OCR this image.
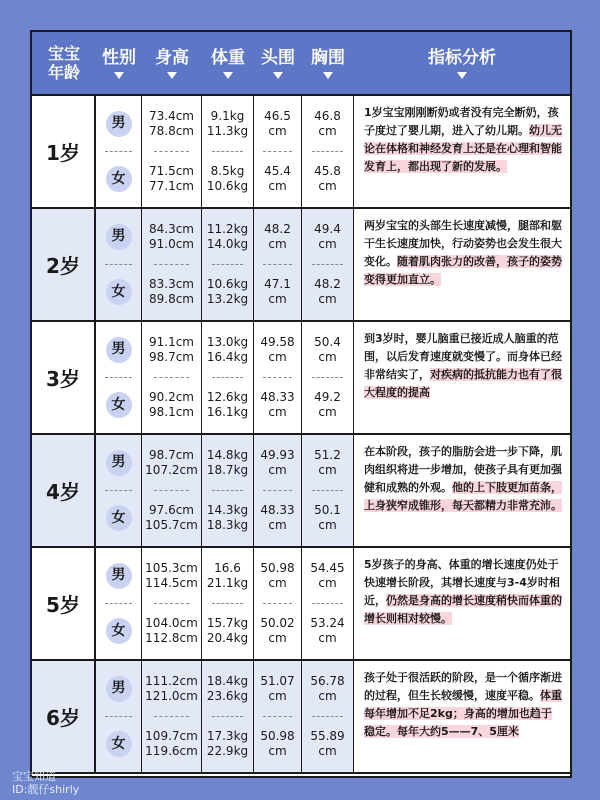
宝宝
年龄
性别 身高 体重 头围 胸围	指标分析
1岁
男
女
73.4cm
78.8cm
71.5cm
77.1cm
9.1kg
11.3kg
8.5kg
10.6kg
46.5
cm
45.4
cm
46.8
cm
45.8
cm
1岁宝宝刚刚断奶或者没有完全断奶，孩子度过了婴儿期，进入了幼儿期。幼儿无论在体格和神经发育上还是在心理和智能发育上，都出现了新的发展。
2岁
男
女
84.3cm
91.0cm
83.3cm
89.8cm
11.2kg
14.0kg
10.6kg
13.2kg
48.2
cm
47.1
cm
49.4
cm
48.2
cm
两岁宝宝的头部生长速度减慢，腿部和躯干生长速度加快，行动姿势也会发生很大变化。随着肌肉张力的改善，孩子的姿势变得更加直立。
3岁
男
女
91.1cm
98.7cm
90.2cm
98.1cm
13.0kg
16.4kg
12.6kg
16.1kg
49.58
cm
48.33
cm
50.4
cm
49.2
cm
到3岁时，婴儿脑重已接近成人脑重的范围，以后发育速度就变慢了。而身体已经非常结实了，对疾病的抵抗能力也有了很大程度的提高
4岁
男
女
98.7cm
107.2cm
97.6cm
105.7cm
14.8kg
18.7kg
14.3kg
18.3kg
49.93
cm
48.33
cm
51.2
cm
50.1
cm
在本阶段，孩子的脂肪会进一步下降，肌肉组织将进一步增加，使孩子具有更加强健和成熟的外观。他的上下肢更加苗条，上身狭窄成锥形，每天都精力非常充沛。
5岁
男
女
105.3cm
114.5cm
104.0cm
112.8cm
16.6
21.1kg
15.7kg
20.4kg
50.98
cm
50.02
cm
54.45
cm
53.24
cm
5岁孩子的身高、体重的增长速度仍处于快速增长阶段，其增长速度与3-4岁时相近，仍然是身高的增长速度稍快而体重的增长则相对较慢。
6岁
男
女
111.2cm
121.0cm
109.7cm
119.6cm
18.4kg
23.6kg
17.3kg
22.9kg
51.07
cm
50.98
cm
56.78
cm
55.89
cm
孩子处于很活跃的阶段，是一个循序渐进的过程，但生长较缓慢，速度平稳。体重每年增加不足2kg；身高的增加也趋于稳定。每年大约5——7、5厘米
宝宝知道
ID:靓仔shirly
